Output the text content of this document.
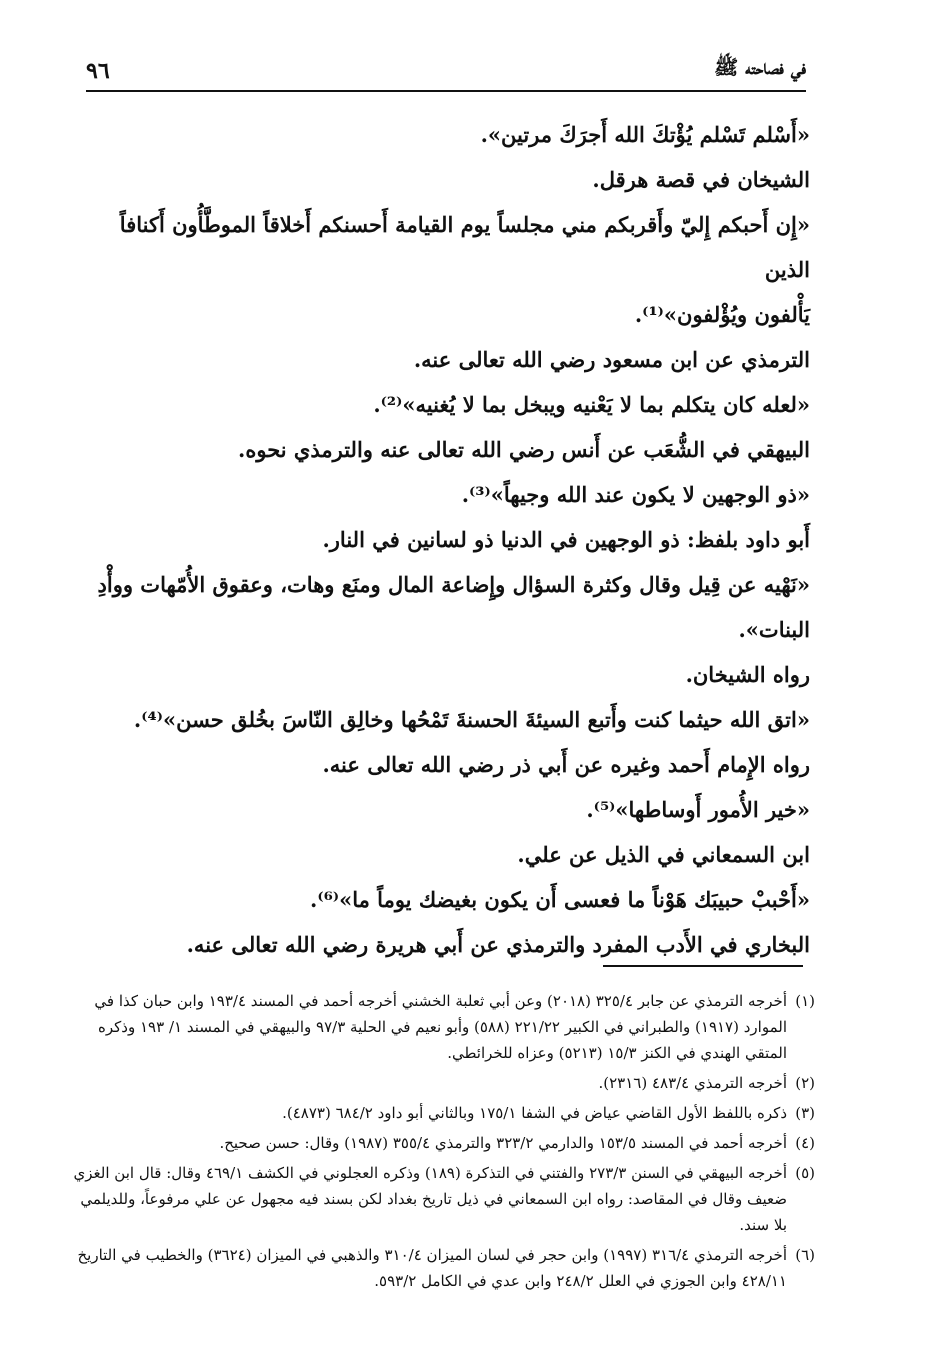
في فصاحته ﷺ
٩٦

«أَسْلم تَسْلم يُؤْتكَ الله أَجرَكَ مرتين».

الشيخان في قصة هرقل.

«إِن أَحبكم إِليّ وأَقربكم مني مجلساً يوم القيامة أَحسنكم أَخلاقاً الموطَّأُون أَكنافاً الذين

يَأْلفون ويُؤْلفون»⁽¹⁾.

الترمذي عن ابن مسعود رضي الله تعالى عنه.

«لعله كان يتكلم بما لا يَعْنيه ويبخل بما لا يُغنيه»⁽²⁾.

البيهقي في الشُّعَب عن أَنس رضي الله تعالى عنه والترمذي نحوه.

«ذو الوجهين لا يكون عند الله وجيهاً»⁽³⁾.

أَبو داود بلفظ: ذو الوجهين في الدنيا ذو لسانين في النار.

«نَهْيه عن قِيل وقال وكثرة السؤال وإِضاعة المال ومنَع وهات، وعقوق الأُمّهات ووأْدِ

البنات».

رواه الشيخان.

«اتق الله حيثما كنت وأَتبع السيئةَ الحسنةَ تَمْحُها وخالِق النّاسَ بخُلق حسن»⁽⁴⁾.

رواه الإِمام أَحمد وغيره عن أَبي ذر رضي الله تعالى عنه.

«خير الأُمور أَوساطها»⁽⁵⁾.

ابن السمعاني في الذيل عن علي.

«أَحْببْ حبيبَك هَوْناً ما فعسى أَن يكون بغيضك يوماً ما»⁽⁶⁾.

البخاري في الأَدب المفرد والترمذي عن أَبي هريرة رضي الله تعالى عنه.

(١)
أخرجه الترمذي عن جابر ٣٢٥/٤ (٢٠١٨) وعن أبي ثعلبة الخشني أخرجه أحمد في المسند ١٩٣/٤ وابن حبان كذا في الموارد (١٩١٧) والطبراني في الكبير ٢٢١/٢٢ (٥٨٨) وأبو نعيم في الحلية ٩٧/٣ والبيهقي في المسند ١/ ١٩٣ وذكره المتقي الهندي في الكنز ١٥/٣ (٥٢١٣) وعزاه للخرائطي.
(٢)
أخرجه الترمذي ٤٨٣/٤ (٢٣١٦).
(٣)
ذكره باللفظ الأول القاضي عياض في الشفا ١٧٥/١ وبالثاني أبو داود ٦٨٤/٢ (٤٨٧٣).
(٤)
أخرجه أحمد في المسند ١٥٣/٥ والدارمي ٣٢٣/٢ والترمذي ٣٥٥/٤ (١٩٨٧) وقال: حسن صحيح.
(٥)
أخرجه البيهقي في السنن ٢٧٣/٣ والفتني في التذكرة (١٨٩) وذكره العجلوني في الكشف ٤٦٩/١ وقال: قال ابن الغزي ضعيف وقال في المقاصد: رواه ابن السمعاني في ذيل تاريخ بغداد لكن بسند فيه مجهول عن علي مرفوعاً، وللديلمي بلا سند.
(٦)
أخرجه الترمذي ٣١٦/٤ (١٩٩٧) وابن حجر في لسان الميزان ٣١٠/٤ والذهبي في الميزان (٣٦٢٤) والخطيب في التاريخ ٤٢٨/١١ وابن الجوزي في العلل ٢٤٨/٢ وابن عدي في الكامل ٥٩٣/٢.
